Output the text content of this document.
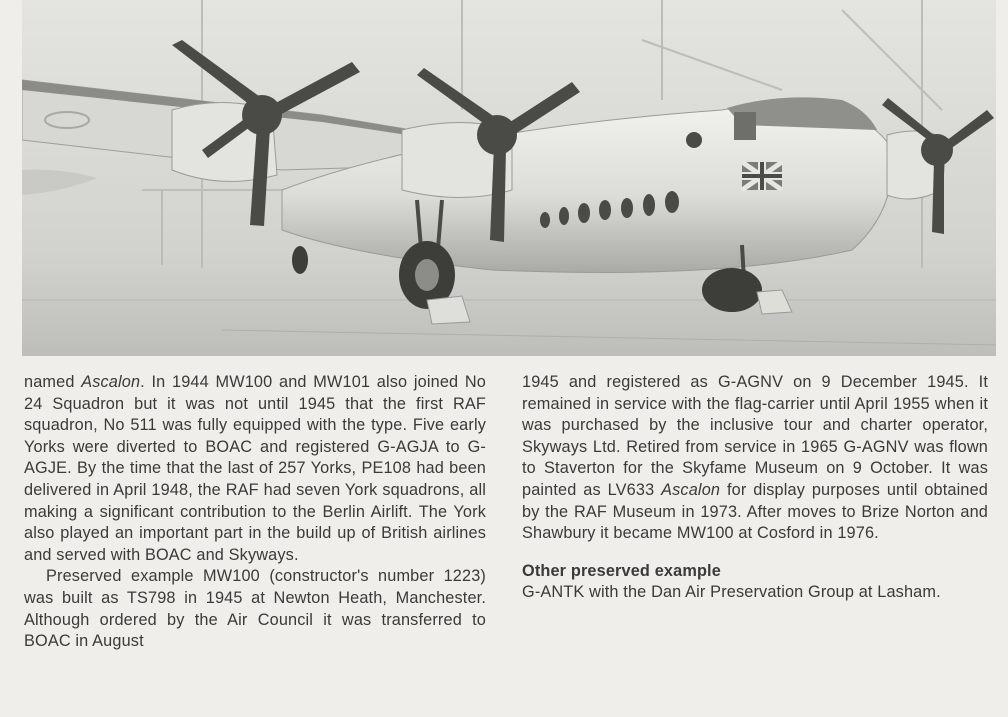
named Ascalon. In 1944 MW100 and MW101 also joined No 24 Squadron but it was not until 1945 that the first RAF squadron, No 511 was fully equipped with the type. Five early Yorks were diverted to BOAC and registered G-AGJA to G-AGJE. By the time that the last of 257 Yorks, PE108 had been delivered in April 1948, the RAF had seven York squadrons, all making a significant contribution to the Berlin Airlift. The York also played an important part in the build up of British airlines and served with BOAC and Skyways.

Preserved example MW100 (constructor's number 1223) was built as TS798 in 1945 at Newton Heath, Manchester. Although ordered by the Air Council it was transferred to BOAC in August

1945 and registered as G-AGNV on 9 December 1945. It remained in service with the flag-carrier until April 1955 when it was purchased by the inclusive tour and charter operator, Skyways Ltd. Retired from service in 1965 G-AGNV was flown to Staverton for the Skyfame Museum on 9 October. It was painted as LV633 Ascalon for display purposes until obtained by the RAF Museum in 1973. After moves to Brize Norton and Shawbury it became MW100 at Cosford in 1976.

Other preserved example

G-ANTK with the Dan Air Preservation Group at Lasham.
